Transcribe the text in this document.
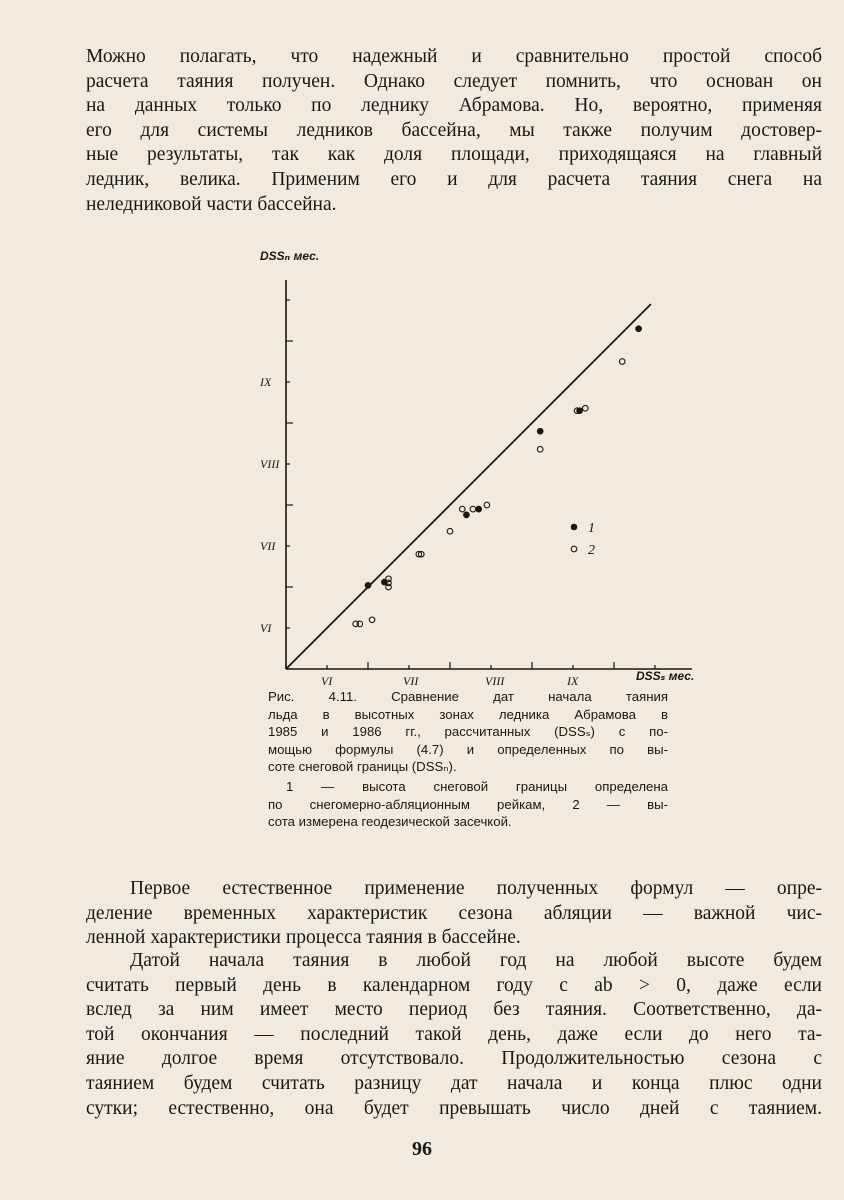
Можно полагать, что надежный и сравнительно простой способ
расчета таяния получен. Однако следует помнить, что основан он
на данных только по леднику Абрамова. Но, вероятно, применяя
его для системы ледников бассейна, мы также получим достовер-
ные результаты, так как доля площади, приходящаяся на главный
ледник, велика. Применим его и для расчета таяния снега на
неледниковой части бассейна.

DSSₙ мес.
DSSₛ мес.
VI	VII	VIII	IX
VI
VII
VIII
IX
1
2
Рис. 4.11. Сравнение дат начала таяния
льда в высотных зонах ледника Абрамова в
1985 и 1986 гг., рассчитанных (DSSₛ) с по-
мощью формулы (4.7) и определенных по вы-
соте снеговой границы (DSSₙ).
1 — высота снеговой границы определена
по снегомерно-абляционным рейкам, 2 — вы-
сота измерена геодезической засечкой.

Первое естественное применение полученных формул — опре-
деление временных характеристик сезона абляции — важной чис-
ленной характеристики процесса таяния в бассейне.

Датой начала таяния в любой год на любой высоте будем
считать первый день в календарном году с ab > 0, даже если
вслед за ним имеет место период без таяния. Соответственно, да-
той окончания — последний такой день, даже если до него та-
яние долгое время отсутствовало. Продолжительностью сезона с
таянием будем считать разницу дат начала и конца плюс одни
сутки; естественно, она будет превышать число дней с таянием.

96
